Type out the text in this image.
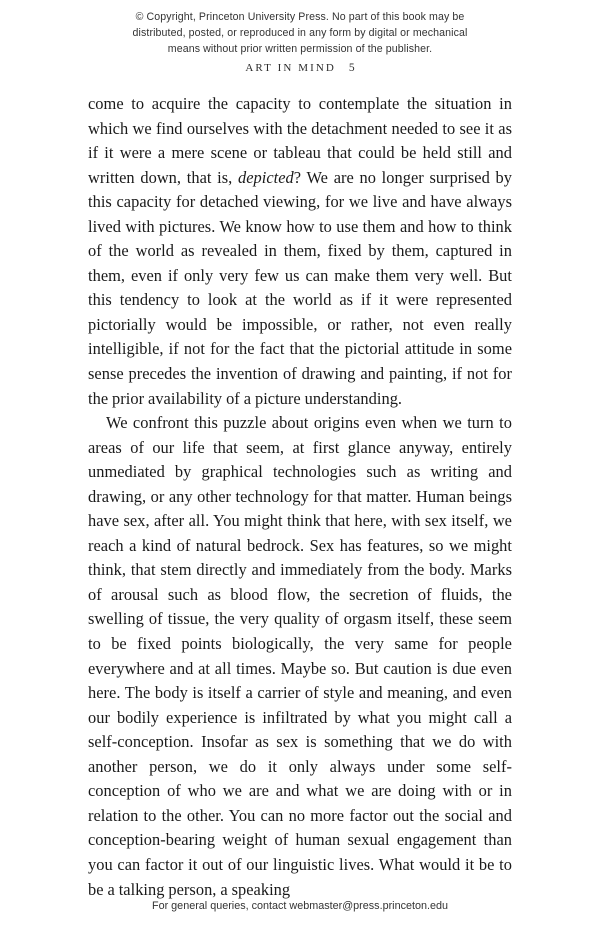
© Copyright, Princeton University Press. No part of this book may be
distributed, posted, or reproduced in any form by digital or mechanical
means without prior written permission of the publisher.
ART IN MIND 5

come to acquire the capacity to contemplate the situation in which we find ourselves with the detachment needed to see it as if it were a mere scene or tableau that could be held still and written down, that is, depicted? We are no longer surprised by this capacity for detached viewing, for we live and have always lived with pictures. We know how to use them and how to think of the world as revealed in them, fixed by them, captured in them, even if only very few us can make them very well. But this tendency to look at the world as if it were represented pictorially would be impossible, or rather, not even really intelligible, if not for the fact that the pictorial attitude in some sense precedes the invention of drawing and painting, if not for the prior availability of a picture understanding.

We confront this puzzle about origins even when we turn to areas of our life that seem, at first glance anyway, entirely unmediated by graphical technologies such as writing and drawing, or any other technology for that matter. Human beings have sex, after all. You might think that here, with sex itself, we reach a kind of natural bedrock. Sex has features, so we might think, that stem directly and immediately from the body. Marks of arousal such as blood flow, the secretion of fluids, the swelling of tissue, the very quality of orgasm itself, these seem to be fixed points biologically, the very same for people everywhere and at all times. Maybe so. But caution is due even here. The body is itself a carrier of style and meaning, and even our bodily experience is infiltrated by what you might call a self-conception. Insofar as sex is something that we do with another person, we do it only always under some self-conception of who we are and what we are doing with or in relation to the other. You can no more factor out the social and conception-bearing weight of human sexual engagement than you can factor it out of our linguistic lives. What would it be to be a talking person, a speaking

For general queries, contact webmaster@press.princeton.edu
